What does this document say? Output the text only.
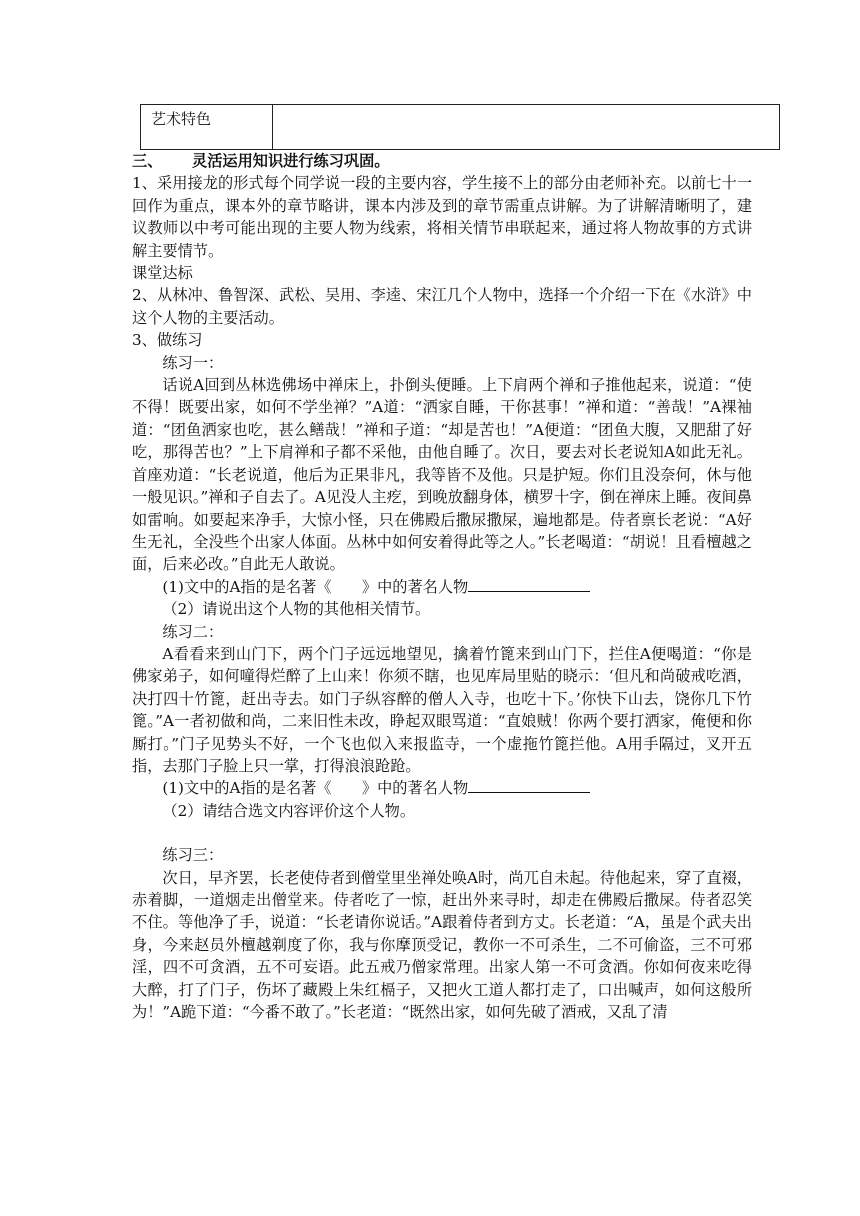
艺术特色

三、 灵活运用知识进行练习巩固。

1、采用接龙的形式每个同学说一段的主要内容，学生接不上的部分由老师补充。以前七十一回作为重点，课本外的章节略讲，课本内涉及到的章节需重点讲解。为了讲解清晰明了，建议教师以中考可能出现的主要人物为线索，将相关情节串联起来，通过将人物故事的方式讲解主要情节。

课堂达标

2、从林冲、鲁智深、武松、吴用、李逵、宋江几个人物中，选择一个介绍一下在《水浒》中这个人物的主要活动。

3、做练习

练习一：

话说A回到丛林选佛场中禅床上，扑倒头便睡。上下肩两个禅和子推他起来，说道：“使不得！既要出家，如何不学坐禅？”A道：“洒家自睡，干你甚事！”禅和道：“善哉！”A裸袖道：“团鱼洒家也吃，甚么鳝哉！”禅和子道：“却是苦也！”A便道：“团鱼大腹，又肥甜了好吃，那得苦也？”上下肩禅和子都不采他，由他自睡了。次日，要去对长老说知A如此无礼。首座劝道：“长老说道，他后为正果非凡，我等皆不及他。只是护短。你们且没奈何，休与他一般见识。”禅和子自去了。A见没人主疙，到晚放翻身体，横罗十字，倒在禅床上睡。夜间鼻如雷响。如要起来净手，大惊小怪，只在佛殿后撒尿撒屎，遍地都是。侍者禀长老说：“A好生无礼，全没些个出家人体面。丛林中如何安着得此等之人。”长老喝道：“胡说！且看檀越之面，后来必改。”自此无人敢说。

(1)文中的A指的是名著《　　》中的著名人物

（2）请说出这个人物的其他相关情节。

练习二：

A看看来到山门下，两个门子远远地望见，擒着竹篦来到山门下，拦住A便喝道：“你是佛家弟子，如何噇得烂醉了上山来！你须不瞎，也见库局里贴的晓示：‘但凡和尚破戒吃酒，决打四十竹篦，赶出寺去。如门子纵容醉的僧人入寺，也吃十下。’你快下山去，饶你几下竹篦。”A一者初做和尚，二来旧性未改，睁起双眼骂道：“直娘贼！你两个要打洒家，俺便和你厮打。”门子见势头不好，一个飞也似入来报监寺，一个虚拖竹篦拦他。A用手隔过，叉开五指，去那门子脸上只一掌，打得浪浪跄跄。

(1)文中的A指的是名著《　　》中的著名人物

（2）请结合选文内容评价这个人物。

练习三：

次日，早齐罢，长老使侍者到僧堂里坐禅处唤A时，尚兀自未起。待他起来，穿了直裰，赤着脚，一道烟走出僧堂来。侍者吃了一惊，赶出外来寻时，却走在佛殿后撒屎。侍者忍笑不住。等他净了手，说道：“长老请你说话。”A跟着侍者到方丈。长老道：“A，虽是个武夫出身，今来赵员外檀越剃度了你，我与你摩顶受记，教你一不可杀生，二不可偷盗，三不可邪淫，四不可贪酒，五不可妄语。此五戒乃僧家常理。出家人第一不可贪酒。你如何夜来吃得大醉，打了门子，伤坏了藏殿上朱红槅子，又把火工道人都打走了，口出喊声，如何这般所为！”A跪下道：“今番不敢了。”长老道：“既然出家，如何先破了酒戒，又乱了清
